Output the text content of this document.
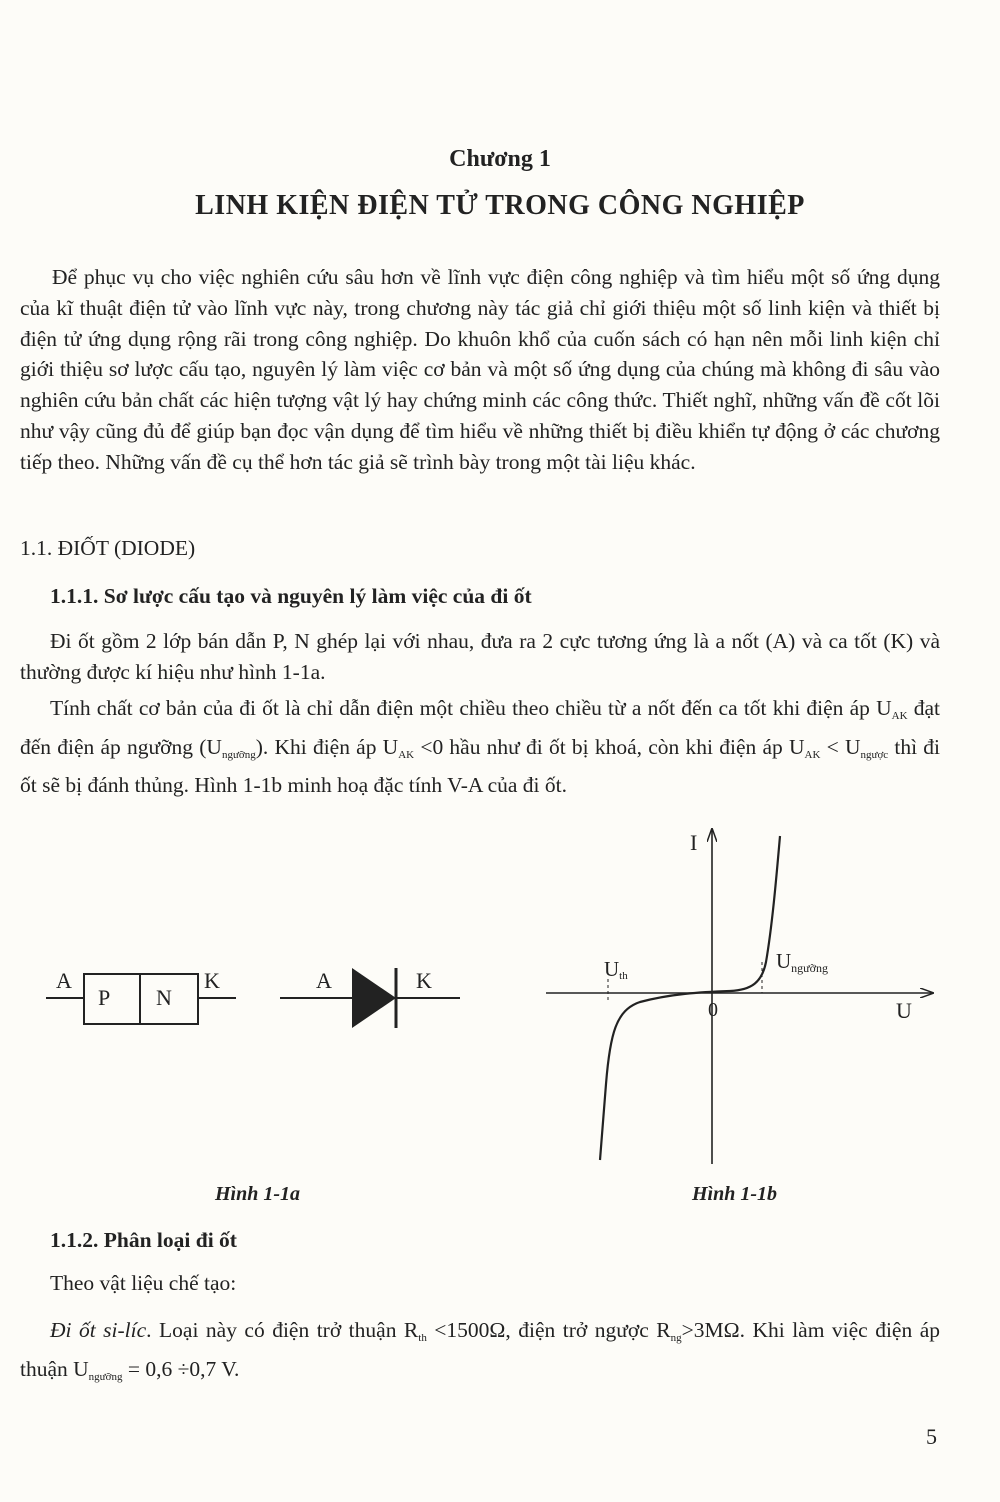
Chương 1
LINH KIỆN ĐIỆN TỬ TRONG CÔNG NGHIỆP

Để phục vụ cho việc nghiên cứu sâu hơn về lĩnh vực điện công nghiệp và tìm hiểu một số ứng dụng của kĩ thuật điện tử vào lĩnh vực này, trong chương này tác giả chỉ giới thiệu một số linh kiện và thiết bị điện tử ứng dụng rộng rãi trong công nghiệp. Do khuôn khổ của cuốn sách có hạn nên mỗi linh kiện chỉ giới thiệu sơ lược cấu tạo, nguyên lý làm việc cơ bản và một số ứng dụng của chúng mà không đi sâu vào nghiên cứu bản chất các hiện tượng vật lý hay chứng minh các công thức. Thiết nghĩ, những vấn đề cốt lõi như vậy cũng đủ để giúp bạn đọc vận dụng để tìm hiểu về những thiết bị điều khiển tự động ở các chương tiếp theo. Những vấn đề cụ thể hơn tác giả sẽ trình bày trong một tài liệu khác.

1.1. ĐIỐT (DIODE)
1.1.1. Sơ lược cấu tạo và nguyên lý làm việc của đi ốt

Đi ốt gồm 2 lớp bán dẫn P, N ghép lại với nhau, đưa ra 2 cực tương ứng là a nốt (A) và ca tốt (K) và thường được kí hiệu như hình 1-1a.

Tính chất cơ bản của đi ốt là chỉ dẫn điện một chiều theo chiều từ a nốt đến ca tốt khi điện áp $U_{AK}$ đạt đến điện áp ngưỡng $(U_{ngưỡng})$. Khi điện áp $U_{AK} <0$ hầu như đi ốt bị khoá, còn khi điện áp $U_{AK} < U_{ngược}$ thì đi ốt sẽ bị đánh thủng. Hình 1-1b minh hoạ đặc tính V-A của đi ốt.

A
P N
K	A	K
Hình 1-1a
I
U
0
Uth
Ungưỡng
Hình 1-1b
1.1.2. Phân loại đi ốt

Theo vật liệu chế tạo:

Đi ốt si-líc. Loại này có điện trở thuận $R_{th} <1500\Omega$, điện trở ngược $R_{ng}>3M\Omega$. Khi làm việc điện áp thuận $U_{ngưỡng} = 0,6 \div 0,7$ V.

5
